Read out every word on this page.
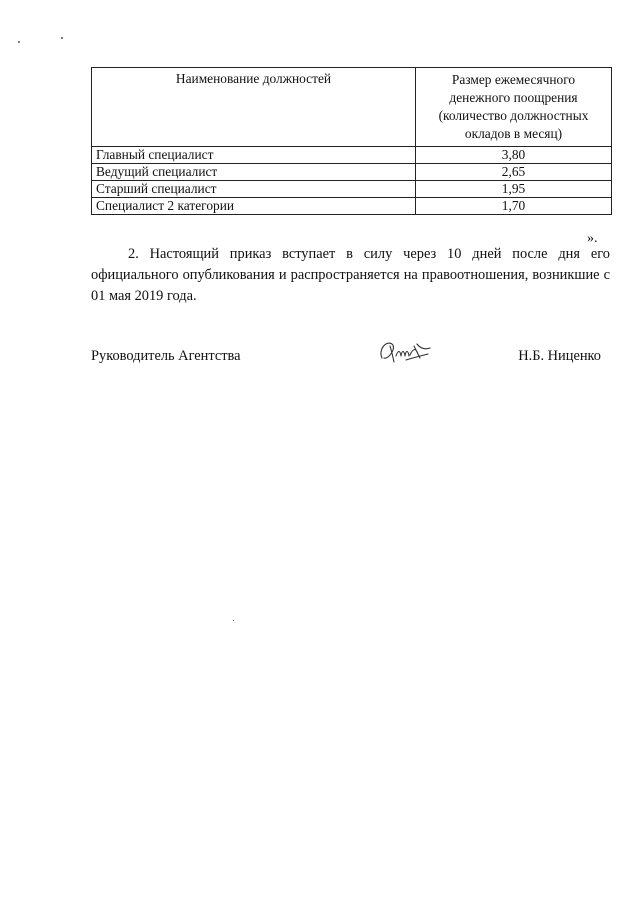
Наименование должностей	Размер ежемесячного
денежного поощрения
(количество должностных
окладов в месяц)

Главный специалист	3,80
Ведущий специалист	2,65
Старший специалист	1,95
Специалист 2 категории	1,70
».
2. Настоящий приказ вступает в силу через 10 дней после дня его официального опубликования и распространяется на правоотношения, возникшие с 01 мая 2019 года.
Руководитель Агентства	Н.Б. Ниценко
